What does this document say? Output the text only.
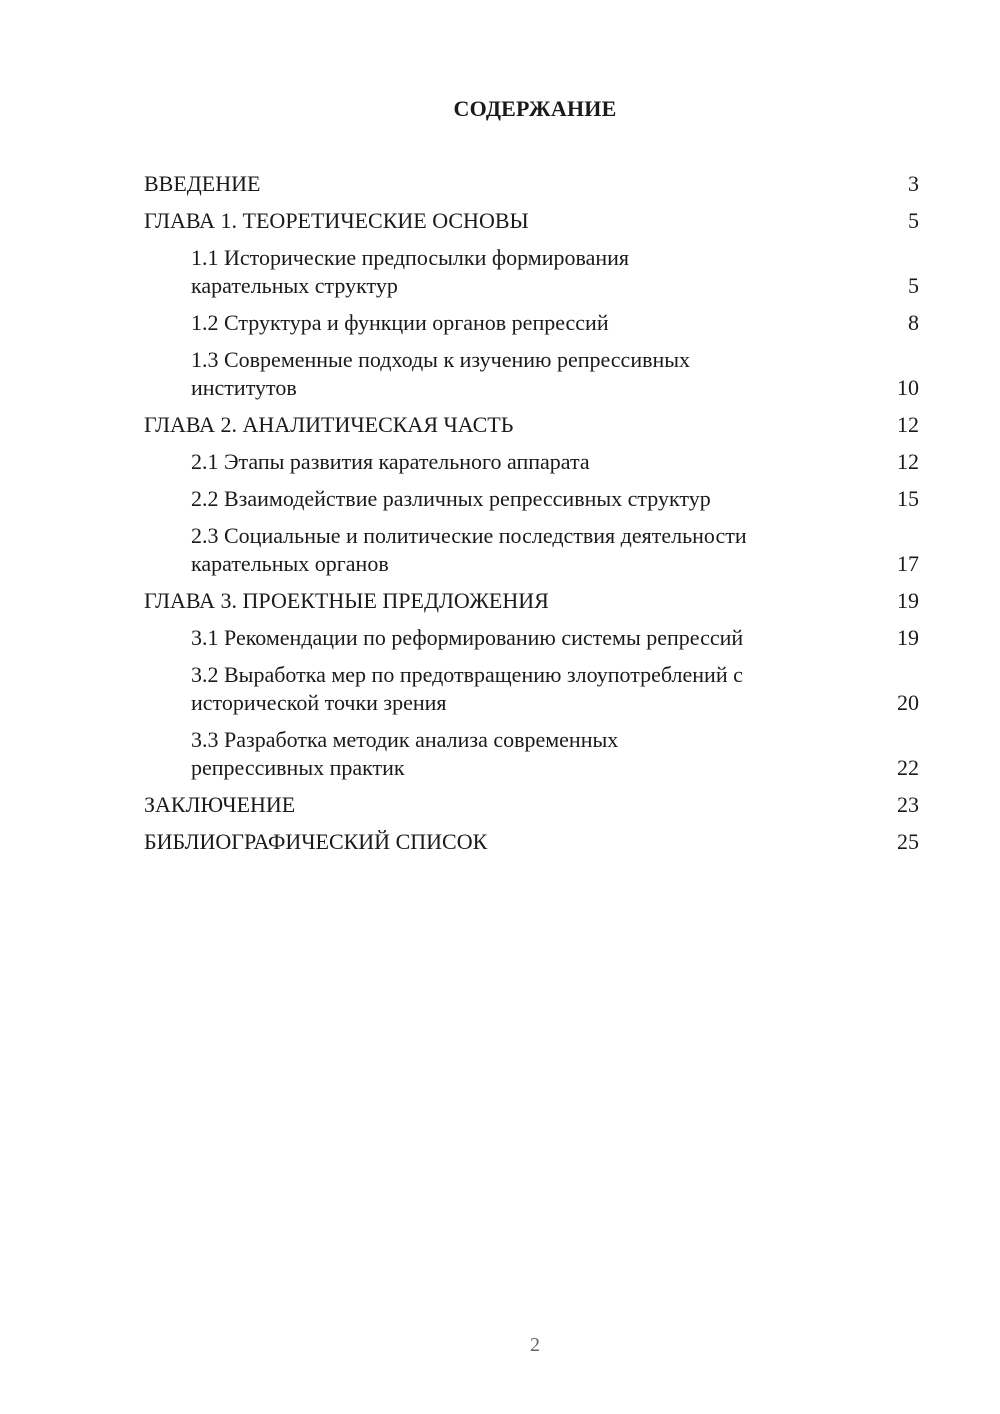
СОДЕРЖАНИЕ
ВВЕДЕНИЕ	3
ГЛАВА 1. ТЕОРЕТИЧЕСКИЕ ОСНОВЫ	5
1.1 Исторические предпосылки формирования карательных структур	5
1.2 Структура и функции органов репрессий	8
1.3 Современные подходы к изучению репрессивных институтов	10
ГЛАВА 2. АНАЛИТИЧЕСКАЯ ЧАСТЬ	12
2.1 Этапы развития карательного аппарата	12
2.2 Взаимодействие различных репрессивных структур	15
2.3 Социальные и политические последствия деятельности карательных органов	17
ГЛАВА 3. ПРОЕКТНЫЕ ПРЕДЛОЖЕНИЯ	19
3.1 Рекомендации по реформированию системы репрессий	19
3.2 Выработка мер по предотвращению злоупотреблений с исторической точки зрения	20
3.3 Разработка методик анализа современных репрессивных практик	22
ЗАКЛЮЧЕНИЕ	23
БИБЛИОГРАФИЧЕСКИЙ СПИСОК	25
2
